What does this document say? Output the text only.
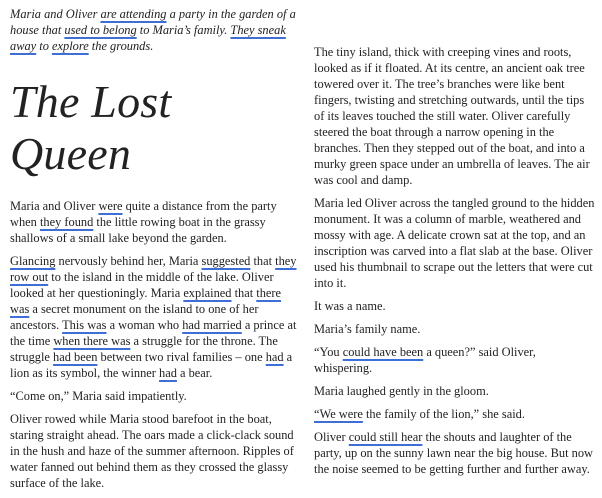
Maria and Oliver are attending a party in the garden of a house that used to belong to Maria’s family. They sneak away to explore the grounds.

The Lost Queen

Maria and Oliver were quite a distance from the party when they found the little rowing boat in the grassy shallows of a small lake beyond the garden.

Glancing nervously behind her, Maria suggested that they row out to the island in the middle of the lake. Oliver looked at her questioningly. Maria explained that there was a secret monument on the island to one of her ancestors. This was a woman who had married a prince at the time when there was a struggle for the throne. The struggle had been between two rival families – one had a lion as its symbol, the winner had a bear.

“Come on,” Maria said impatiently.

Oliver rowed while Maria stood barefoot in the boat, staring straight ahead. The oars made a click-clack sound in the hush and haze of the summer afternoon. Ripples of water fanned out behind them as they crossed the glassy surface of the lake.

The tiny island, thick with creeping vines and roots, looked as if it floated. At its centre, an ancient oak tree towered over it. The tree’s branches were like bent fingers, twisting and stretching outwards, until the tips of its leaves touched the still water. Oliver carefully steered the boat through a narrow opening in the branches. Then they stepped out of the boat, and into a murky green space under an umbrella of leaves. The air was cool and damp.

Maria led Oliver across the tangled ground to the hidden monument. It was a column of marble, weathered and mossy with age. A delicate crown sat at the top, and an inscription was carved into a flat slab at the base. Oliver used his thumbnail to scrape out the letters that were cut into it.

It was a name.

Maria’s family name.

“You could have been a queen?” said Oliver, whispering.

Maria laughed gently in the gloom.

“We were the family of the lion,” she said.

Oliver could still hear the shouts and laughter of the party, up on the sunny lawn near the big house. But now the noise seemed to be getting further and further away.
